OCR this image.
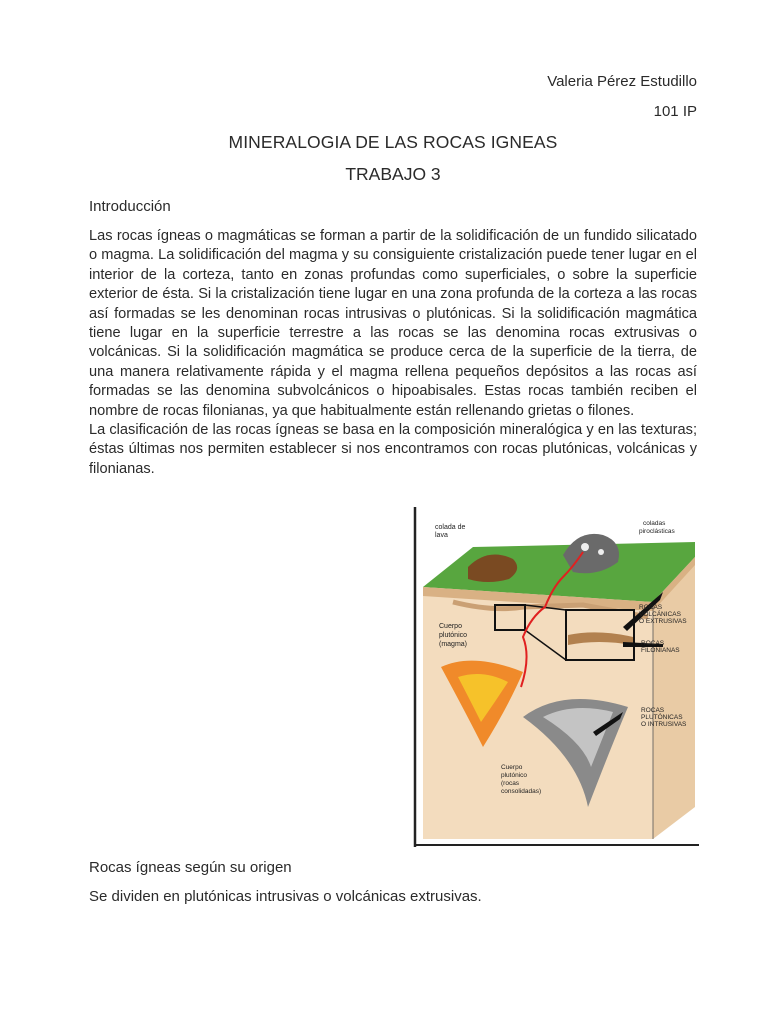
Valeria Pérez Estudillo
101 IP
MINERALOGIA DE LAS ROCAS IGNEAS
TRABAJO 3
Introducción

Las rocas ígneas o magmáticas se forman a partir de la solidificación de un fundido silicatado o magma. La solidificación del magma y su consiguiente cristalización puede tener lugar en el interior de la corteza, tanto en zonas profundas como superficiales, o sobre la superficie exterior de ésta. Si la cristalización tiene lugar en una zona profunda de la corteza a las rocas así formadas se les denominan rocas intrusivas o plutónicas. Si la solidificación magmática tiene lugar en la superficie terrestre a las rocas se las denomina rocas extrusivas o volcánicas. Si la solidificación magmática se produce cerca de la superficie de la tierra, de una manera relativamente rápida y el magma rellena pequeños depósitos a las rocas así formadas se las denomina subvolcánicos o hipoabisales. Estas rocas también reciben el nombre de rocas filonianas, ya que habitualmente están rellenando grietas o filones.

La clasificación de las rocas ígneas se basa en la composición mineralógica y en las texturas; éstas últimas nos permiten establecer si nos encontramos con rocas plutónicas, volcánicas y filonianas.

colada de lava
coladas piroclásticas
ROCAS VOLCÁNICAS O EXTRUSIVAS
ROCAS FILONIANAS
Cuerpo plutónico (magma)
ROCAS PLUTÓNICAS O INTRUSIVAS
Cuerpo plutónico (rocas consolidadas)
Rocas ígneas según su origen
Se dividen en plutónicas intrusivas o volcánicas extrusivas.
